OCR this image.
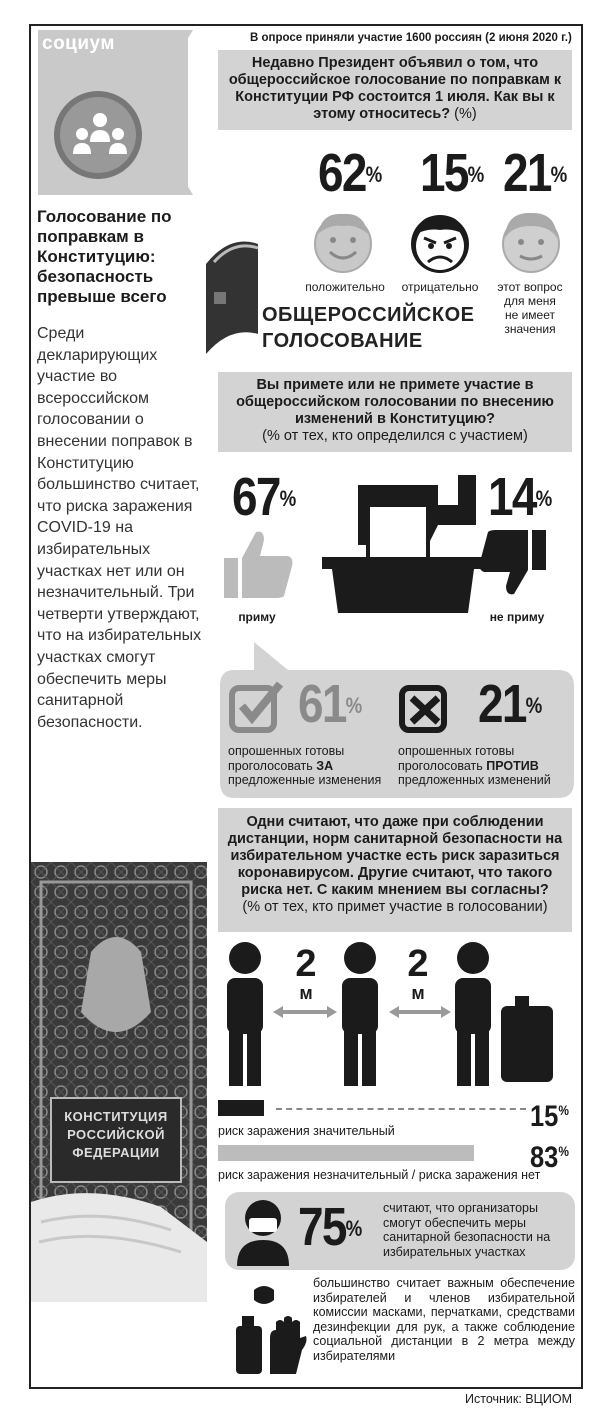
социум	В опросе приняли участие 1600 россиян (2 июня 2020 г.)
Голосование по поправкам в Конституцию: безопасность превыше всего
Среди декларирующих участие во всероссийском голосовании о внесении поправок в Конституцию большинство считает, что риска заражения COVID-19 на избирательных участках нет или он незначительный. Три четверти утверждают, что на избирательных участках смогут обеспечить меры санитарной безопасности.
Недавно Президент объявил о том, что общероссийское голосование по поправкам к Конституции РФ состоится 1 июля. Как вы к этому относитесь? (%)
62% 15% 21%
положительно	отрицательно	этот вопрос для меня не имеет значения
ОБЩЕРОССИЙСКОЕ ГОЛОСОВАНИЕ
Вы примете или не примете участие в общероссийском голосовании по внесению изменений в Конституцию?
(% от тех, кто определился с участием)
67%	14%
приму	не приму
61% 21%
опрошенных готовы проголосовать ЗА предложенные изменения
опрошенных готовы проголосовать ПРОТИВ предложенных изменений
Одни считают, что даже при соблюдении дистанции, норм санитарной безопасности на избирательном участке есть риск заразиться коронавирусом. Другие считают, что такого риска нет. С каким мнением вы согласны?
(% от тех, кто примет участие в голосовании)
2
м
2
м
15%
риск заражения значительный
83%
риск заражения незначительный / риска заражения нет
75%
считают, что организаторы смогут обеспечить меры санитарной безопасности на избирательных участках
большинство считает важным обеспечение избирателей и членов избирательной комиссии масками, перчатками, средствами дезинфекции для рук, а также соблюдение социальной дистанции в 2 метра между избирателями
КОНСТИТУЦИЯ РОССИЙСКОЙ ФЕДЕРАЦИИ
Источник: ВЦИОМ
